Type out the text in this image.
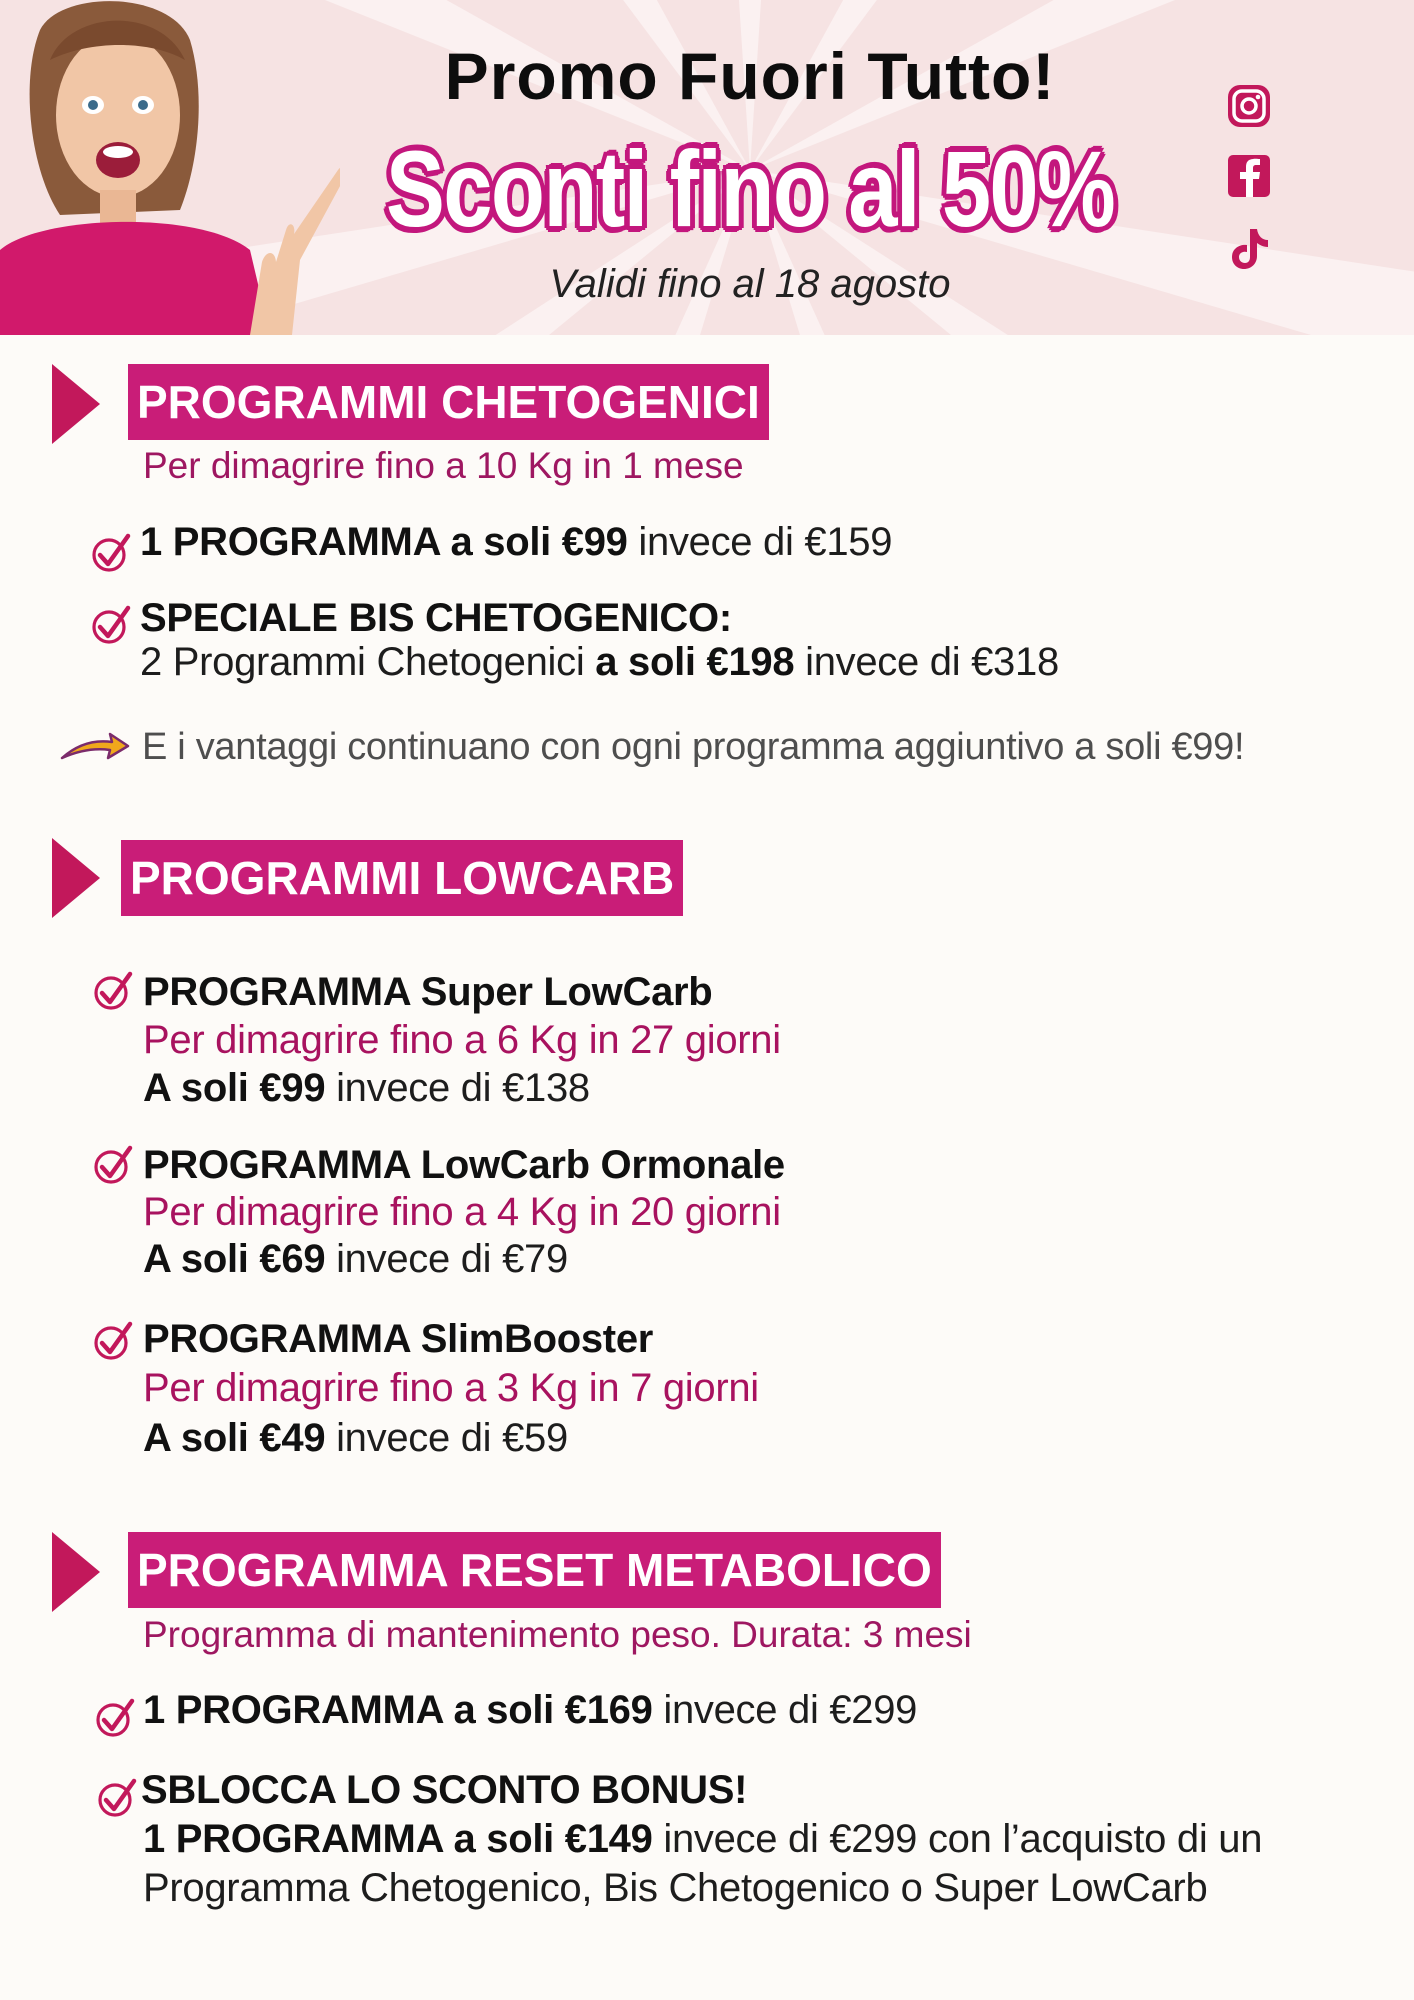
Promo Fuori Tutto!
Sconti fino al 50%
Validi fino al 18 agosto
PROGRAMMI CHETOGENICI
Per dimagrire fino a 10 Kg in 1 mese
1 PROGRAMMA a soli €99 invece di €159
SPECIALE BIS CHETOGENICO:
2 Programmi Chetogenici a soli €198 invece di €318
E i vantaggi continuano con ogni programma aggiuntivo a soli €99!
PROGRAMMI LOWCARB
PROGRAMMA Super LowCarb
Per dimagrire fino a 6 Kg in 27 giorni
A soli €99 invece di €138
PROGRAMMA LowCarb Ormonale
Per dimagrire fino a 4 Kg in 20 giorni
A soli €69 invece di €79
PROGRAMMA SlimBooster
Per dimagrire fino a 3 Kg in 7 giorni
A soli €49 invece di €59
PROGRAMMA RESET METABOLICO
Programma di mantenimento peso. Durata: 3 mesi
1 PROGRAMMA a soli €169 invece di €299
SBLOCCA LO SCONTO BONUS!
1 PROGRAMMA a soli €149 invece di €299 con l’acquisto di un
Programma Chetogenico, Bis Chetogenico o Super LowCarb
